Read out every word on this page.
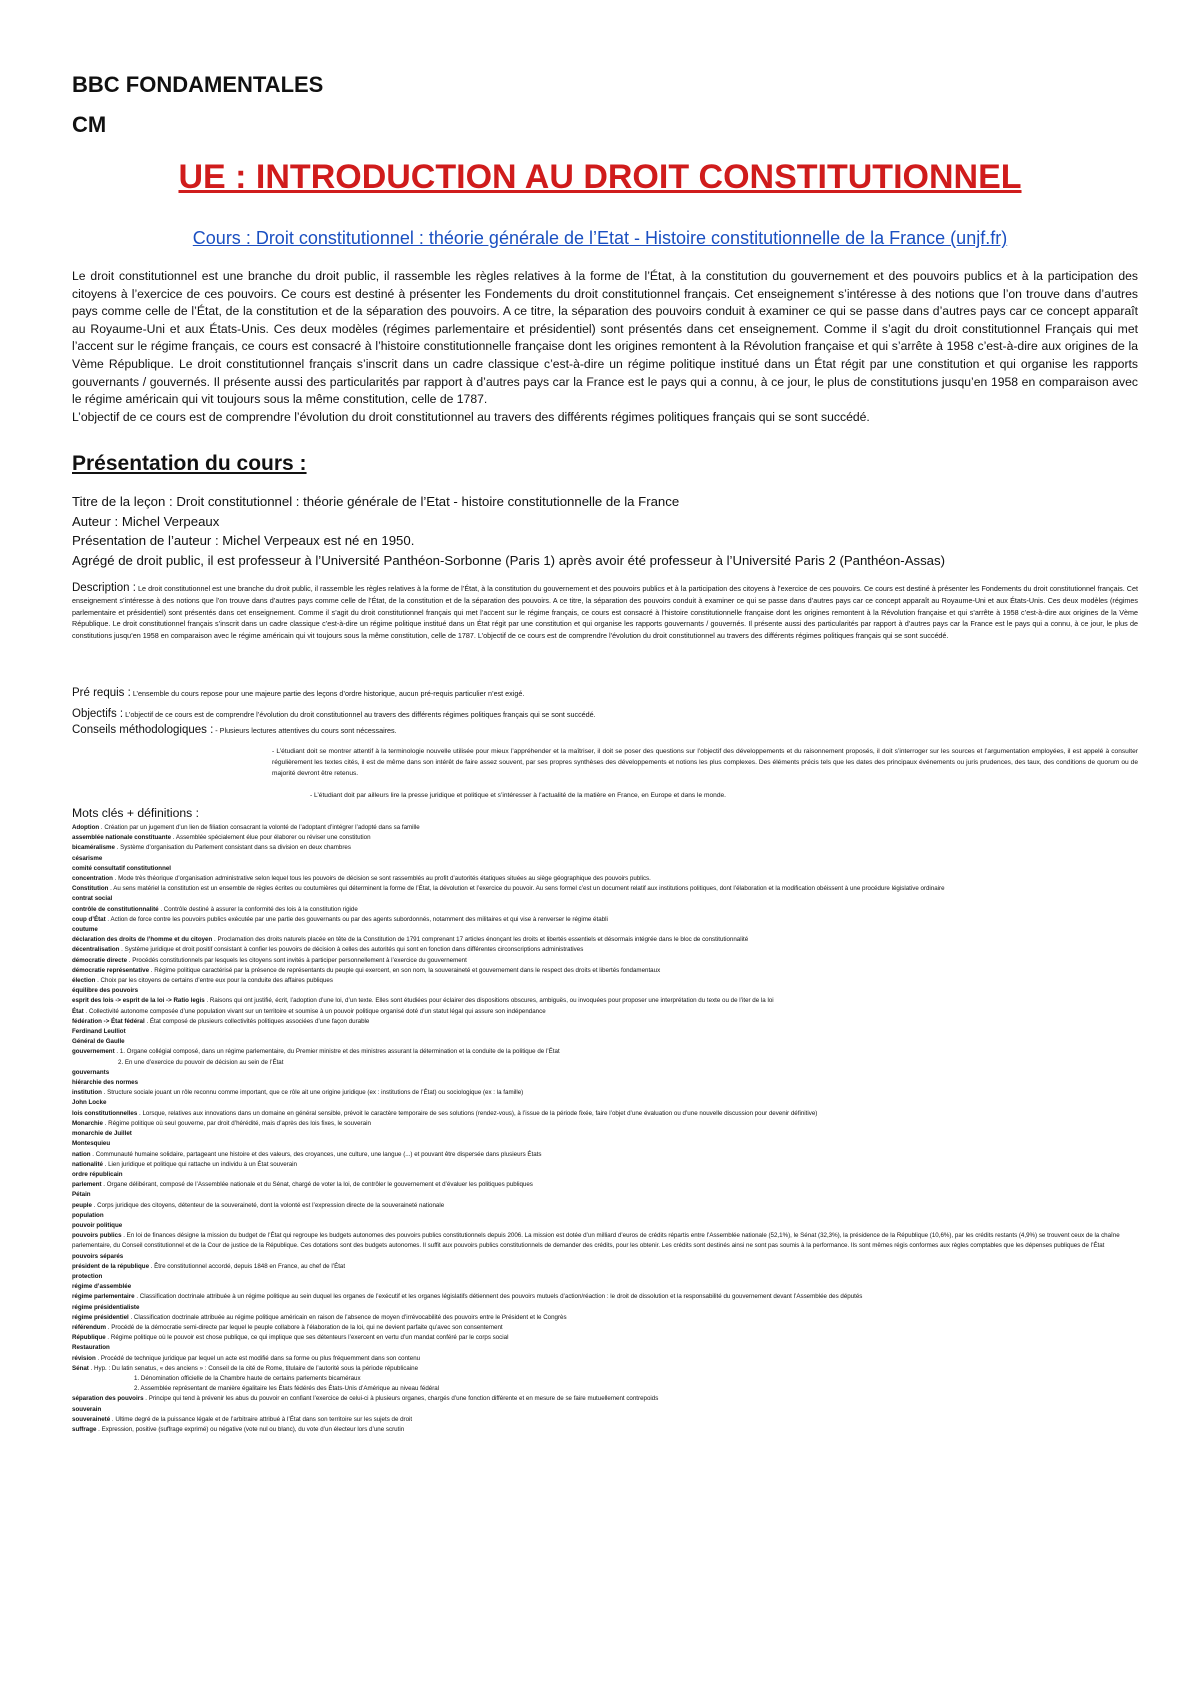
BBC FONDAMENTALES
CM
UE : INTRODUCTION AU DROIT CONSTITUTIONNEL
Cours : Droit constitutionnel : théorie générale de l’Etat - Histoire constitutionnelle de la France (unjf.fr)

Le droit constitutionnel est une branche du droit public, il rassemble les règles relatives à la forme de l’État, à la constitution du gouvernement et des pouvoirs publics et à la participation des citoyens à l’exercice de ces pouvoirs. Ce cours est destiné à présenter les Fondements du droit constitutionnel français. Cet enseignement s’intéresse à des notions que l’on trouve dans d’autres pays comme celle de l’État, de la constitution et de la séparation des pouvoirs. A ce titre, la séparation des pouvoirs conduit à examiner ce qui se passe dans d’autres pays car ce concept apparaît au Royaume-Uni et aux États-Unis. Ces deux modèles (régimes parlementaire et présidentiel) sont présentés dans cet enseignement. Comme il s’agit du droit constitutionnel Français qui met l’accent sur le régime français, ce cours est consacré à l’histoire constitutionnelle française dont les origines remontent à la Révolution française et qui s’arrête à 1958 c’est-à-dire aux origines de la Vème République. Le droit constitutionnel français s’inscrit dans un cadre classique c’est-à-dire un régime politique institué dans un État régit par une constitution et qui organise les rapports gouvernants / gouvernés. Il présente aussi des particularités par rapport à d’autres pays car la France est le pays qui a connu, à ce jour, le plus de constitutions jusqu’en 1958 en comparaison avec le régime américain qui vit toujours sous la même constitution, celle de 1787.

L’objectif de ce cours est de comprendre l’évolution du droit constitutionnel au travers des différents régimes politiques français qui se sont succédé.

Présentation du cours :
Titre de la leçon : Droit constitutionnel : théorie générale de l’Etat - histoire constitutionnelle de la France
Auteur : Michel Verpeaux
Présentation de l’auteur : Michel Verpeaux est né en 1950.
Agrégé de droit public, il est professeur à l’Université Panthéon-Sorbonne (Paris 1) après avoir été professeur à l’Université Paris 2 (Panthéon-Assas)
Description : Le droit constitutionnel est une branche du droit public, il rassemble les règles relatives à la forme de l’État, à la constitution du gouvernement et des pouvoirs publics et à la participation des citoyens à l’exercice de ces pouvoirs. Ce cours est destiné à présenter les Fondements du droit constitutionnel français. Cet enseignement s’intéresse à des notions que l’on trouve dans d’autres pays comme celle de l’État, de la constitution et de la séparation des pouvoirs. A ce titre, la séparation des pouvoirs conduit à examiner ce qui se passe dans d’autres pays car ce concept apparaît au Royaume-Uni et aux États-Unis. Ces deux modèles (régimes parlementaire et présidentiel) sont présentés dans cet enseignement. Comme il s’agit du droit constitutionnel français qui met l’accent sur le régime français, ce cours est consacré à l’histoire constitutionnelle française dont les origines remontent à la Révolution française et qui s’arrête à 1958 c’est-à-dire aux origines de la Vème République. Le droit constitutionnel français s’inscrit dans un cadre classique c’est-à-dire un régime politique institué dans un État régit par une constitution et qui organise les rapports gouvernants / gouvernés. Il présente aussi des particularités par rapport à d’autres pays car la France est le pays qui a connu, à ce jour, le plus de constitutions jusqu’en 1958 en comparaison avec le régime américain qui vit toujours sous la même constitution, celle de 1787. L’objectif de ce cours est de comprendre l’évolution du droit constitutionnel au travers des différents régimes politiques français qui se sont succédé.
Pré requis : L’ensemble du cours repose pour une majeure partie des leçons d’ordre historique, aucun pré-requis particulier n’est exigé.
Objectifs : L’objectif de ce cours est de comprendre l’évolution du droit constitutionnel au travers des différents régimes politiques français qui se sont succédé.
Conseils méthodologiques : - Plusieurs lectures attentives du cours sont nécessaires.
- L’étudiant doit se montrer attentif à la terminologie nouvelle utilisée pour mieux l’appréhender et la maîtriser, il doit se poser des questions sur l’objectif des développements et du raisonnement proposés, il doit s’interroger sur les sources et l’argumentation employées, il est appelé à consulter régulièrement les textes cités, il est de même dans son intérêt de faire assez souvent, par ses propres synthèses des développements et notions les plus complexes. Des éléments précis tels que les dates des principaux événements ou juris prudences, des taux, des conditions de quorum ou de majorité devront être retenus.
- L’étudiant doit par ailleurs lire la presse juridique et politique et s’intéresser à l’actualité de la matière en France, en Europe et dans le monde.
Mots clés + définitions :
Adoption . Création par un jugement d’un lien de filiation consacrant la volonté de l’adoptant d’intégrer l’adopté dans sa famille
assemblée nationale constituante . Assemblée spécialement élue pour élaborer ou réviser une constitution
bicaméralisme . Système d’organisation du Parlement consistant dans sa division en deux chambres
césarisme
comité consultatif constitutionnel
concentration . Mode très théorique d’organisation administrative selon lequel tous les pouvoirs de décision se sont rassemblés au profit d’autorités étatiques situées au siège géographique des pouvoirs publics.
Constitution . Au sens matériel la constitution est un ensemble de règles écrites ou coutumières qui déterminent la forme de l’État, la dévolution et l’exercice du pouvoir. Au sens formel c’est un document relatif aux institutions politiques, dont l’élaboration et la modification obéissent à une procédure législative ordinaire
contrat social
contrôle de constitutionnalité . Contrôle destiné à assurer la conformité des lois à la constitution rigide
coup d’État . Action de force contre les pouvoirs publics exécutée par une partie des gouvernants ou par des agents subordonnés, notamment des militaires et qui vise à renverser le régime établi
coutume
déclaration des droits de l’homme et du citoyen . Proclamation des droits naturels placée en tête de la Constitution de 1791 comprenant 17 articles énonçant les droits et libertés essentiels et désormais intégrée dans le bloc de constitutionnalité
décentralisation . Système juridique et droit positif consistant à confier les pouvoirs de décision à celles des autorités qui sont en fonction dans différentes circonscriptions administratives
démocratie directe . Procédés constitutionnels par lesquels les citoyens sont invités à participer personnellement à l’exercice du gouvernement
démocratie représentative . Régime politique caractérisé par la présence de représentants du peuple qui exercent, en son nom, la souveraineté et gouvernement dans le respect des droits et libertés fondamentaux
élection . Choix par les citoyens de certains d’entre eux pour la conduite des affaires publiques
équilibre des pouvoirs
esprit des lois -> esprit de la loi -> Ratio legis . Raisons qui ont justifié, écrit, l’adoption d’une loi, d’un texte. Elles sont étudiées pour éclairer des dispositions obscures, ambiguës, ou invoquées pour proposer une interprétation du texte ou de l’iter de la loi
État . Collectivité autonome composée d’une population vivant sur un territoire et soumise à un pouvoir politique organisé doté d’un statut légal qui assure son indépendance
fédération -> État fédéral . État composé de plusieurs collectivités politiques associées d’une façon durable
Ferdinand Leulliot
Général de Gaulle
gouvernement . 1. Organe collégial composé, dans un régime parlementaire, du Premier ministre et des ministres assurant la détermination et la conduite de la politique de l’État
2. En une d’exercice du pouvoir de décision au sein de l’État
gouvernants
hiérarchie des normes
institution . Structure sociale jouant un rôle reconnu comme important, que ce rôle ait une origine juridique (ex : institutions de l’État) ou sociologique (ex : la famille)
John Locke
lois constitutionnelles . Lorsque, relatives aux innovations dans un domaine en général sensible, prévoit le caractère temporaire de ses solutions (rendez-vous), à l’issue de la période fixée, faire l’objet d’une évaluation ou d’une nouvelle discussion pour devenir définitive)
Monarchie . Régime politique où seul gouverne, par droit d’hérédité, mais d’après des lois fixes, le souverain
monarchie de Juillet
Montesquieu
nation . Communauté humaine solidaire, partageant une histoire et des valeurs, des croyances, une culture, une langue (...) et pouvant être dispersée dans plusieurs États
nationalité . Lien juridique et politique qui rattache un individu à un État souverain
ordre républicain
parlement . Organe délibérant, composé de l’Assemblée nationale et du Sénat, chargé de voter la loi, de contrôler le gouvernement et d’évaluer les politiques publiques
Pétain
peuple . Corps juridique des citoyens, détenteur de la souveraineté, dont la volonté est l’expression directe de la souveraineté nationale
population
pouvoir politique
pouvoirs publics . En loi de finances désigne la mission du budget de l’État qui regroupe les budgets autonomes des pouvoirs publics constitutionnels depuis 2006. La mission est dotée d’un milliard d’euros de crédits répartis entre l’Assemblée nationale (52,1%), le Sénat (32,3%), la présidence de la République (10,6%), par les crédits restants (4,9%) se trouvent ceux de la chaîne parlementaire, du Conseil constitutionnel et de la Cour de justice de la République. Ces dotations sont des budgets autonomes. Il suffit aux pouvoirs publics constitutionnels de demander des crédits, pour les obtenir. Les crédits sont destinés ainsi ne sont pas soumis à la performance. Ils sont mêmes régis conformes aux règles comptables que les dépenses publiques de l’État
pouvoirs séparés
président de la république . Être constitutionnel accordé, depuis 1848 en France, au chef de l’État
protection
régime d’assemblée
régime parlementaire . Classification doctrinale attribuée à un régime politique au sein duquel les organes de l’exécutif et les organes législatifs détiennent des pouvoirs mutuels d’action/réaction : le droit de dissolution et la responsabilité du gouvernement devant l’Assemblée des députés
régime présidentialiste
régime présidentiel . Classification doctrinale attribuée au régime politique américain en raison de l’absence de moyen d’irrévocabilité des pouvoirs entre le Président et le Congrès
référendum . Procédé de la démocratie semi-directe par lequel le peuple collabore à l’élaboration de la loi, qui ne devient parfaite qu’avec son consentement
République . Régime politique où le pouvoir est chose publique, ce qui implique que ses détenteurs l’exercent en vertu d’un mandat conféré par le corps social
Restauration
révision . Procédé de technique juridique par lequel un acte est modifié dans sa forme ou plus fréquemment dans son contenu
Sénat . Hyp. : Du latin senatus, « des anciens » : Conseil de la cité de Rome, titulaire de l’autorité sous la période républicaine
1. Dénomination officielle de la Chambre haute de certains parlements bicaméraux
2. Assemblée représentant de manière égalitaire les États fédérés des États-Unis d’Amérique au niveau fédéral
séparation des pouvoirs . Principe qui tend à prévenir les abus du pouvoir en confiant l’exercice de celui-ci à plusieurs organes, chargés d’une fonction différente et en mesure de se faire mutuellement contrepoids
souverain
souveraineté . Ultime degré de la puissance légale et de l’arbitraire attribué à l’État dans son territoire sur les sujets de droit
suffrage . Expression, positive (suffrage exprimé) ou négative (vote nul ou blanc), du vote d’un électeur lors d’une scrutin
